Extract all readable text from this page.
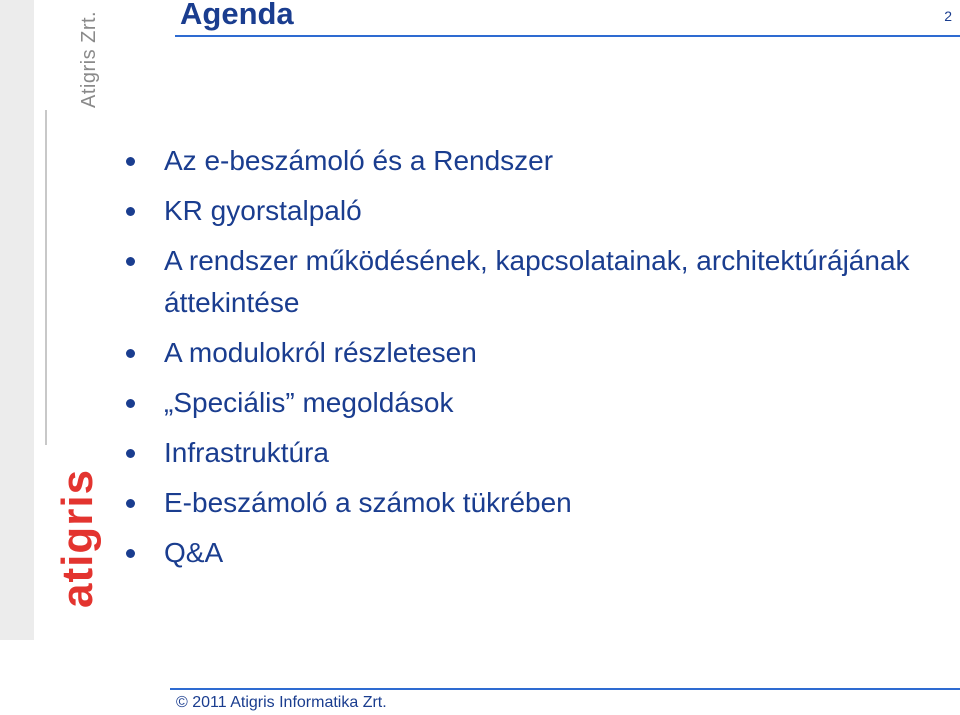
Atigris Zrt.
atigris
Agenda	2
Az e-beszámoló és a Rendszer
KR gyorstalpaló
A rendszer működésének, kapcsolatainak, architektúrájának áttekintése
A modulokról részletesen
„Speciális” megoldások
Infrastruktúra
E-beszámoló a számok tükrében
Q&A
© 2011 Atigris Informatika Zrt.
